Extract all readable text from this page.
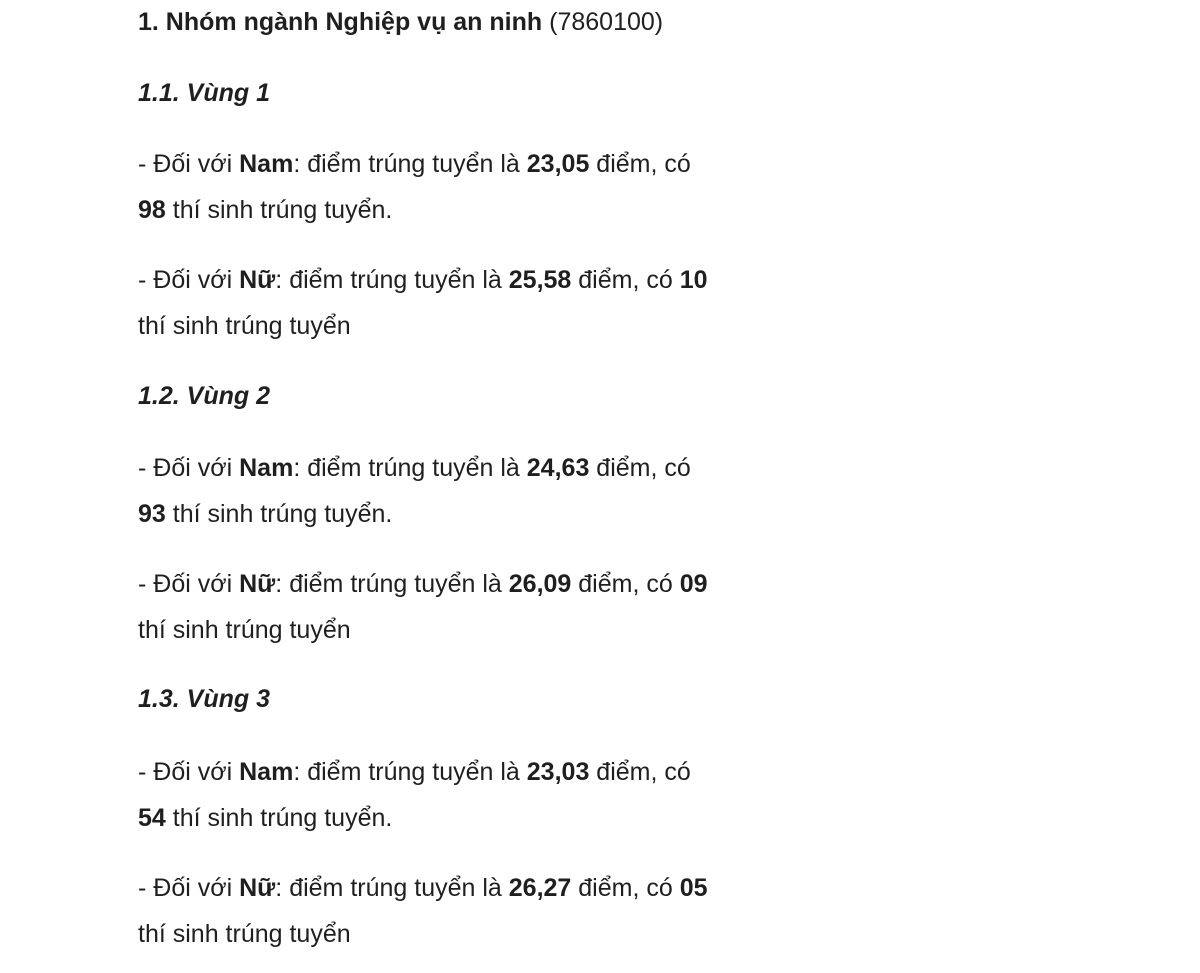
1. Nhóm ngành Nghiệp vụ an ninh (7860100)
1.1. Vùng 1
- Đối với Nam: điểm trúng tuyển là 23,05 điểm, có
98 thí sinh trúng tuyển.
- Đối với Nữ: điểm trúng tuyển là 25,58 điểm, có 10
thí sinh trúng tuyển
1.2. Vùng 2
- Đối với Nam: điểm trúng tuyển là 24,63 điểm, có
93 thí sinh trúng tuyển.
- Đối với Nữ: điểm trúng tuyển là 26,09 điểm, có 09
thí sinh trúng tuyển
1.3. Vùng 3
- Đối với Nam: điểm trúng tuyển là 23,03 điểm, có
54 thí sinh trúng tuyển.
- Đối với Nữ: điểm trúng tuyển là 26,27 điểm, có 05
thí sinh trúng tuyển
